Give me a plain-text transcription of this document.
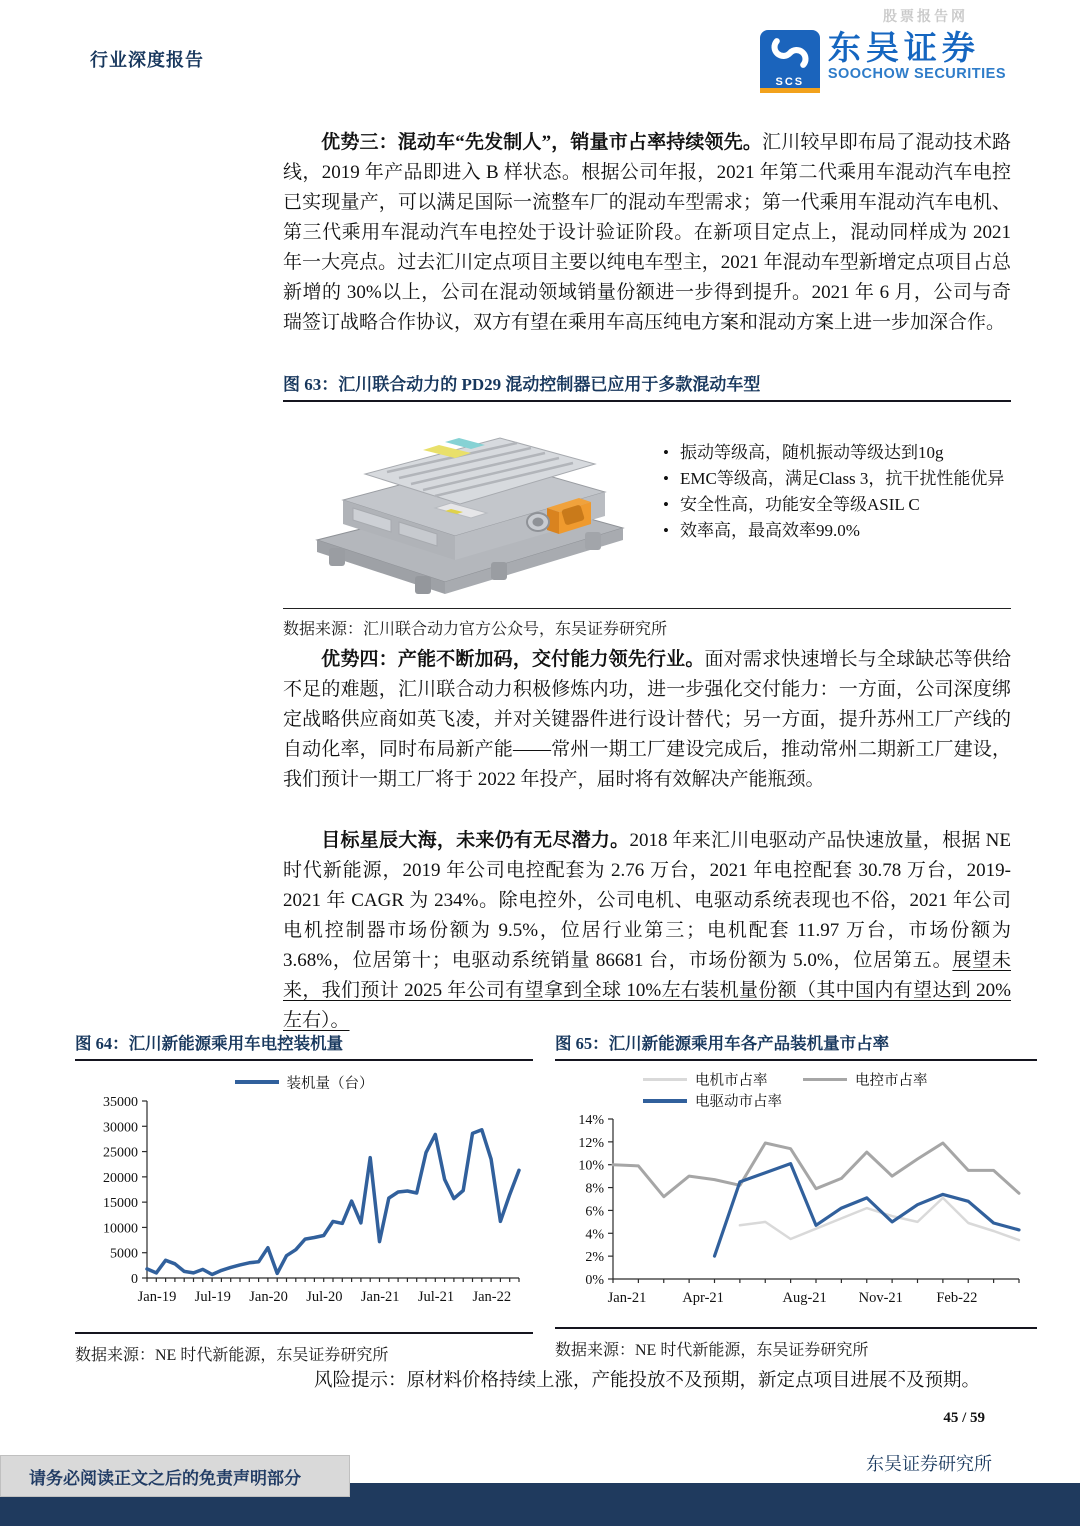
股票报告网
行业深度报告
SCS
东吴证券
SOOCHOW SECURITIES
优势三：混动车“先发制人”，销量市占率持续领先。汇川较早即布局了混动技术路线，2019 年产品即进入 B 样状态。根据公司年报，2021 年第二代乘用车混动汽车电控已实现量产，可以满足国际一流整车厂的混动车型需求；第一代乘用车混动汽车电机、第三代乘用车混动汽车电控处于设计验证阶段。在新项目定点上，混动同样成为 2021 年一大亮点。过去汇川定点项目主要以纯电车型主，2021 年混动车型新增定点项目占总新增的 30%以上，公司在混动领域销量份额进一步得到提升。2021 年 6 月，公司与奇瑞签订战略合作协议，双方有望在乘用车高压纯电方案和混动方案上进一步加深合作。
图 63：汇川联合动力的 PD29 混动控制器已应用于多款混动车型
• 振动等级高，随机振动等级达到10g
• EMC等级高，满足Class 3，抗干扰性能优异
• 安全性高，功能安全等级ASIL C
• 效率高，最高效率99.0%
数据来源：汇川联合动力官方公众号，东吴证券研究所
优势四：产能不断加码，交付能力领先行业。面对需求快速增长与全球缺芯等供给不足的难题，汇川联合动力积极修炼内功，进一步强化交付能力：一方面，公司深度绑定战略供应商如英飞凌，并对关键器件进行设计替代；另一方面，提升苏州工厂产线的自动化率，同时布局新产能——常州一期工厂建设完成后，推动常州二期新工厂建设，我们预计一期工厂将于 2022 年投产，届时将有效解决产能瓶颈。
目标星辰大海，未来仍有无尽潜力。2018 年来汇川电驱动产品快速放量，根据 NE 时代新能源，2019 年公司电控配套为 2.76 万台，2021 年电控配套 30.78 万台，2019-2021 年 CAGR 为 234%。除电控外，公司电机、电驱动系统表现也不俗，2021 年公司电机控制器市场份额为 9.5%，位居行业第三；电机配套 11.97 万台，市场份额为 3.68%，位居第十；电驱动系统销量 86681 台，市场份额为 5.0%，位居第五。展望未来，我们预计 2025 年公司有望拿到全球 10%左右装机量份额（其中国内有望达到 20%左右）。
图 64：汇川新能源乘用车电控装机量
装机量（台）
0
5000
10000
15000
20000
25000
30000
35000
Jan-19 Jul-19 Jan-20 Jul-20 Jan-21 Jul-21 Jan-22
数据来源：NE 时代新能源，东吴证券研究所
图 65：汇川新能源乘用车各产品装机量市占率
电机市占率	电控市占率
电驱动市占率
0%
2%
4%
6%
8%
10%
12%
14%
Jan-21 Apr-21	Aug-21 Nov-21 Feb-22
数据来源：NE 时代新能源，东吴证券研究所
风险提示：原材料价格持续上涨，产能投放不及预期，新定点项目进展不及预期。
45 / 59
东吴证券研究所
请务必阅读正文之后的免责声明部分
